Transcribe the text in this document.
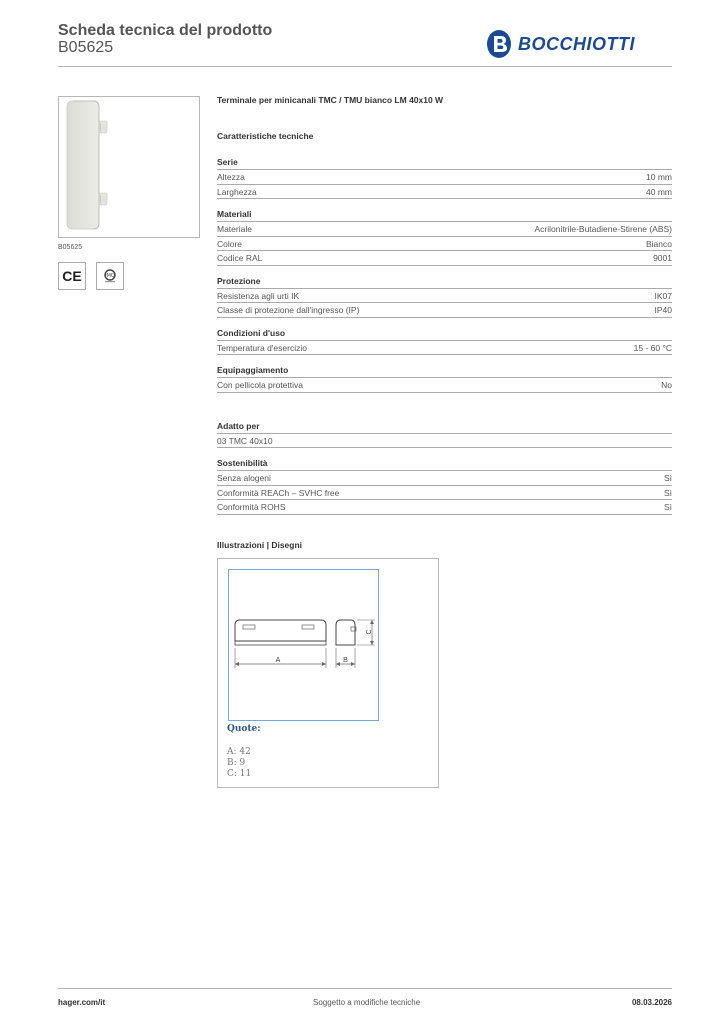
Scheda tecnica del prodotto
B05625	BOCCHIOTTI
B05625
CE	IMQ
Terminale per minicanali TMC / TMU bianco LM 40x10 W
Caratteristiche tecniche
Serie
Altezza	10 mm
Larghezza	40 mm
Materiali
Materiale	Acrilonitrile-Butadiene-Stirene (ABS)
Colore	Bianco
Codice RAL	9001
Protezione
Resistenza agli urti IK	IK07
Classe di protezione dall'ingresso (IP)	IP40
Condizioni d'uso
Temperatura d'esercizio	15 - 60 °C
Equipaggiamento
Con pellicola protettiva	No
Adatto per
03 TMC 40x10
Sostenibilità
Senza alogeni	Sì
Conformità REACh – SVHC free	Sì
Conformità ROHS	Sì
Illustrazioni | Disegni
A	B
C
Quote:
A: 42
B: 9
C: 11
hager.com/it	Soggetto a modifiche tecniche	08.03.2026
